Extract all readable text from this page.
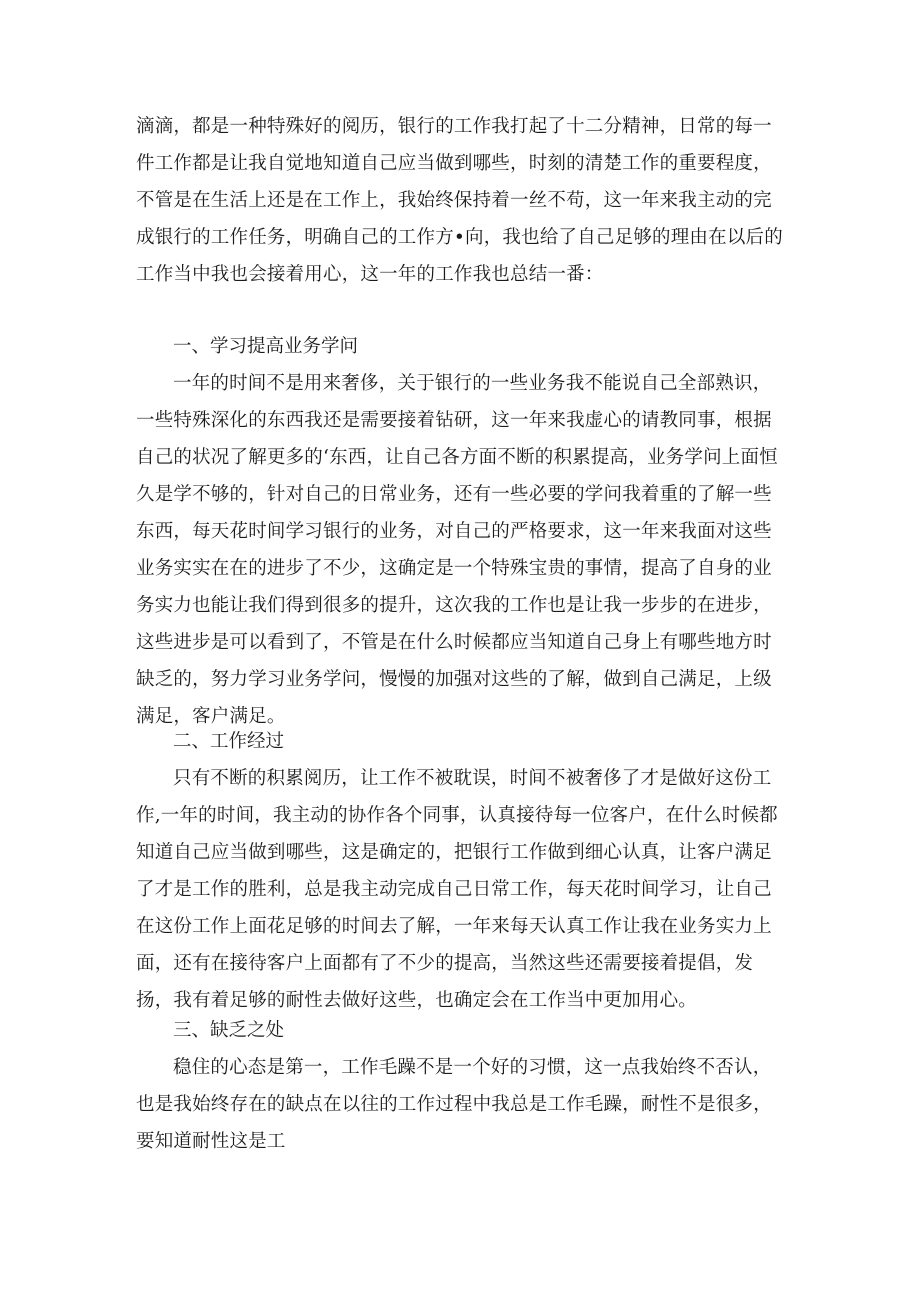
滴滴，都是一种特殊好的阅历，银行的工作我打起了十二分精神，日常的每一件工作都是让我自觉地知道自己应当做到哪些，时刻的清楚工作的重要程度，不管是在生活上还是在工作上，我始终保持着一丝不苟，这一年来我主动的完成银行的工作任务，明确自己的工作方•向，我也给了自己足够的理由在以后的工作当中我也会接着用心，这一年的工作我也总结一番：

一、学习提高业务学问

一年的时间不是用来奢侈，关于银行的一些业务我不能说自己全部熟识，一些特殊深化的东西我还是需要接着钻研，这一年来我虚心的请教同事，根据自己的状况了解更多的‘东西，让自己各方面不断的积累提高，业务学问上面恒久是学不够的，针对自己的日常业务，还有一些必要的学问我着重的了解一些东西，每天花时间学习银行的业务，对自己的严格要求，这一年来我面对这些业务实实在在的进步了不少，这确定是一个特殊宝贵的事情，提高了自身的业务实力也能让我们得到很多的提升，这次我的工作也是让我一步步的在进步，这些进步是可以看到了，不管是在什么时候都应当知道自己身上有哪些地方时缺乏的，努力学习业务学问，慢慢的加强对这些的了解，做到自己满足，上级满足，客户满足。

二、工作经过

只有不断的积累阅历，让工作不被耽误，时间不被奢侈了才是做好这份工作,一年的时间，我主动的协作各个同事，认真接待每一位客户，在什么时候都知道自己应当做到哪些，这是确定的，把银行工作做到细心认真，让客户满足了才是工作的胜利，总是我主动完成自己日常工作，每天花时间学习，让自己在这份工作上面花足够的时间去了解，一年来每天认真工作让我在业务实力上面，还有在接待客户上面都有了不少的提高，当然这些还需要接着提倡，发扬，我有着足够的耐性去做好这些，也确定会在工作当中更加用心。

三、缺乏之处

稳住的心态是第一，工作毛躁不是一个好的习惯，这一点我始终不否认，也是我始终存在的缺点在以往的工作过程中我总是工作毛躁，耐性不是很多，要知道耐性这是工
